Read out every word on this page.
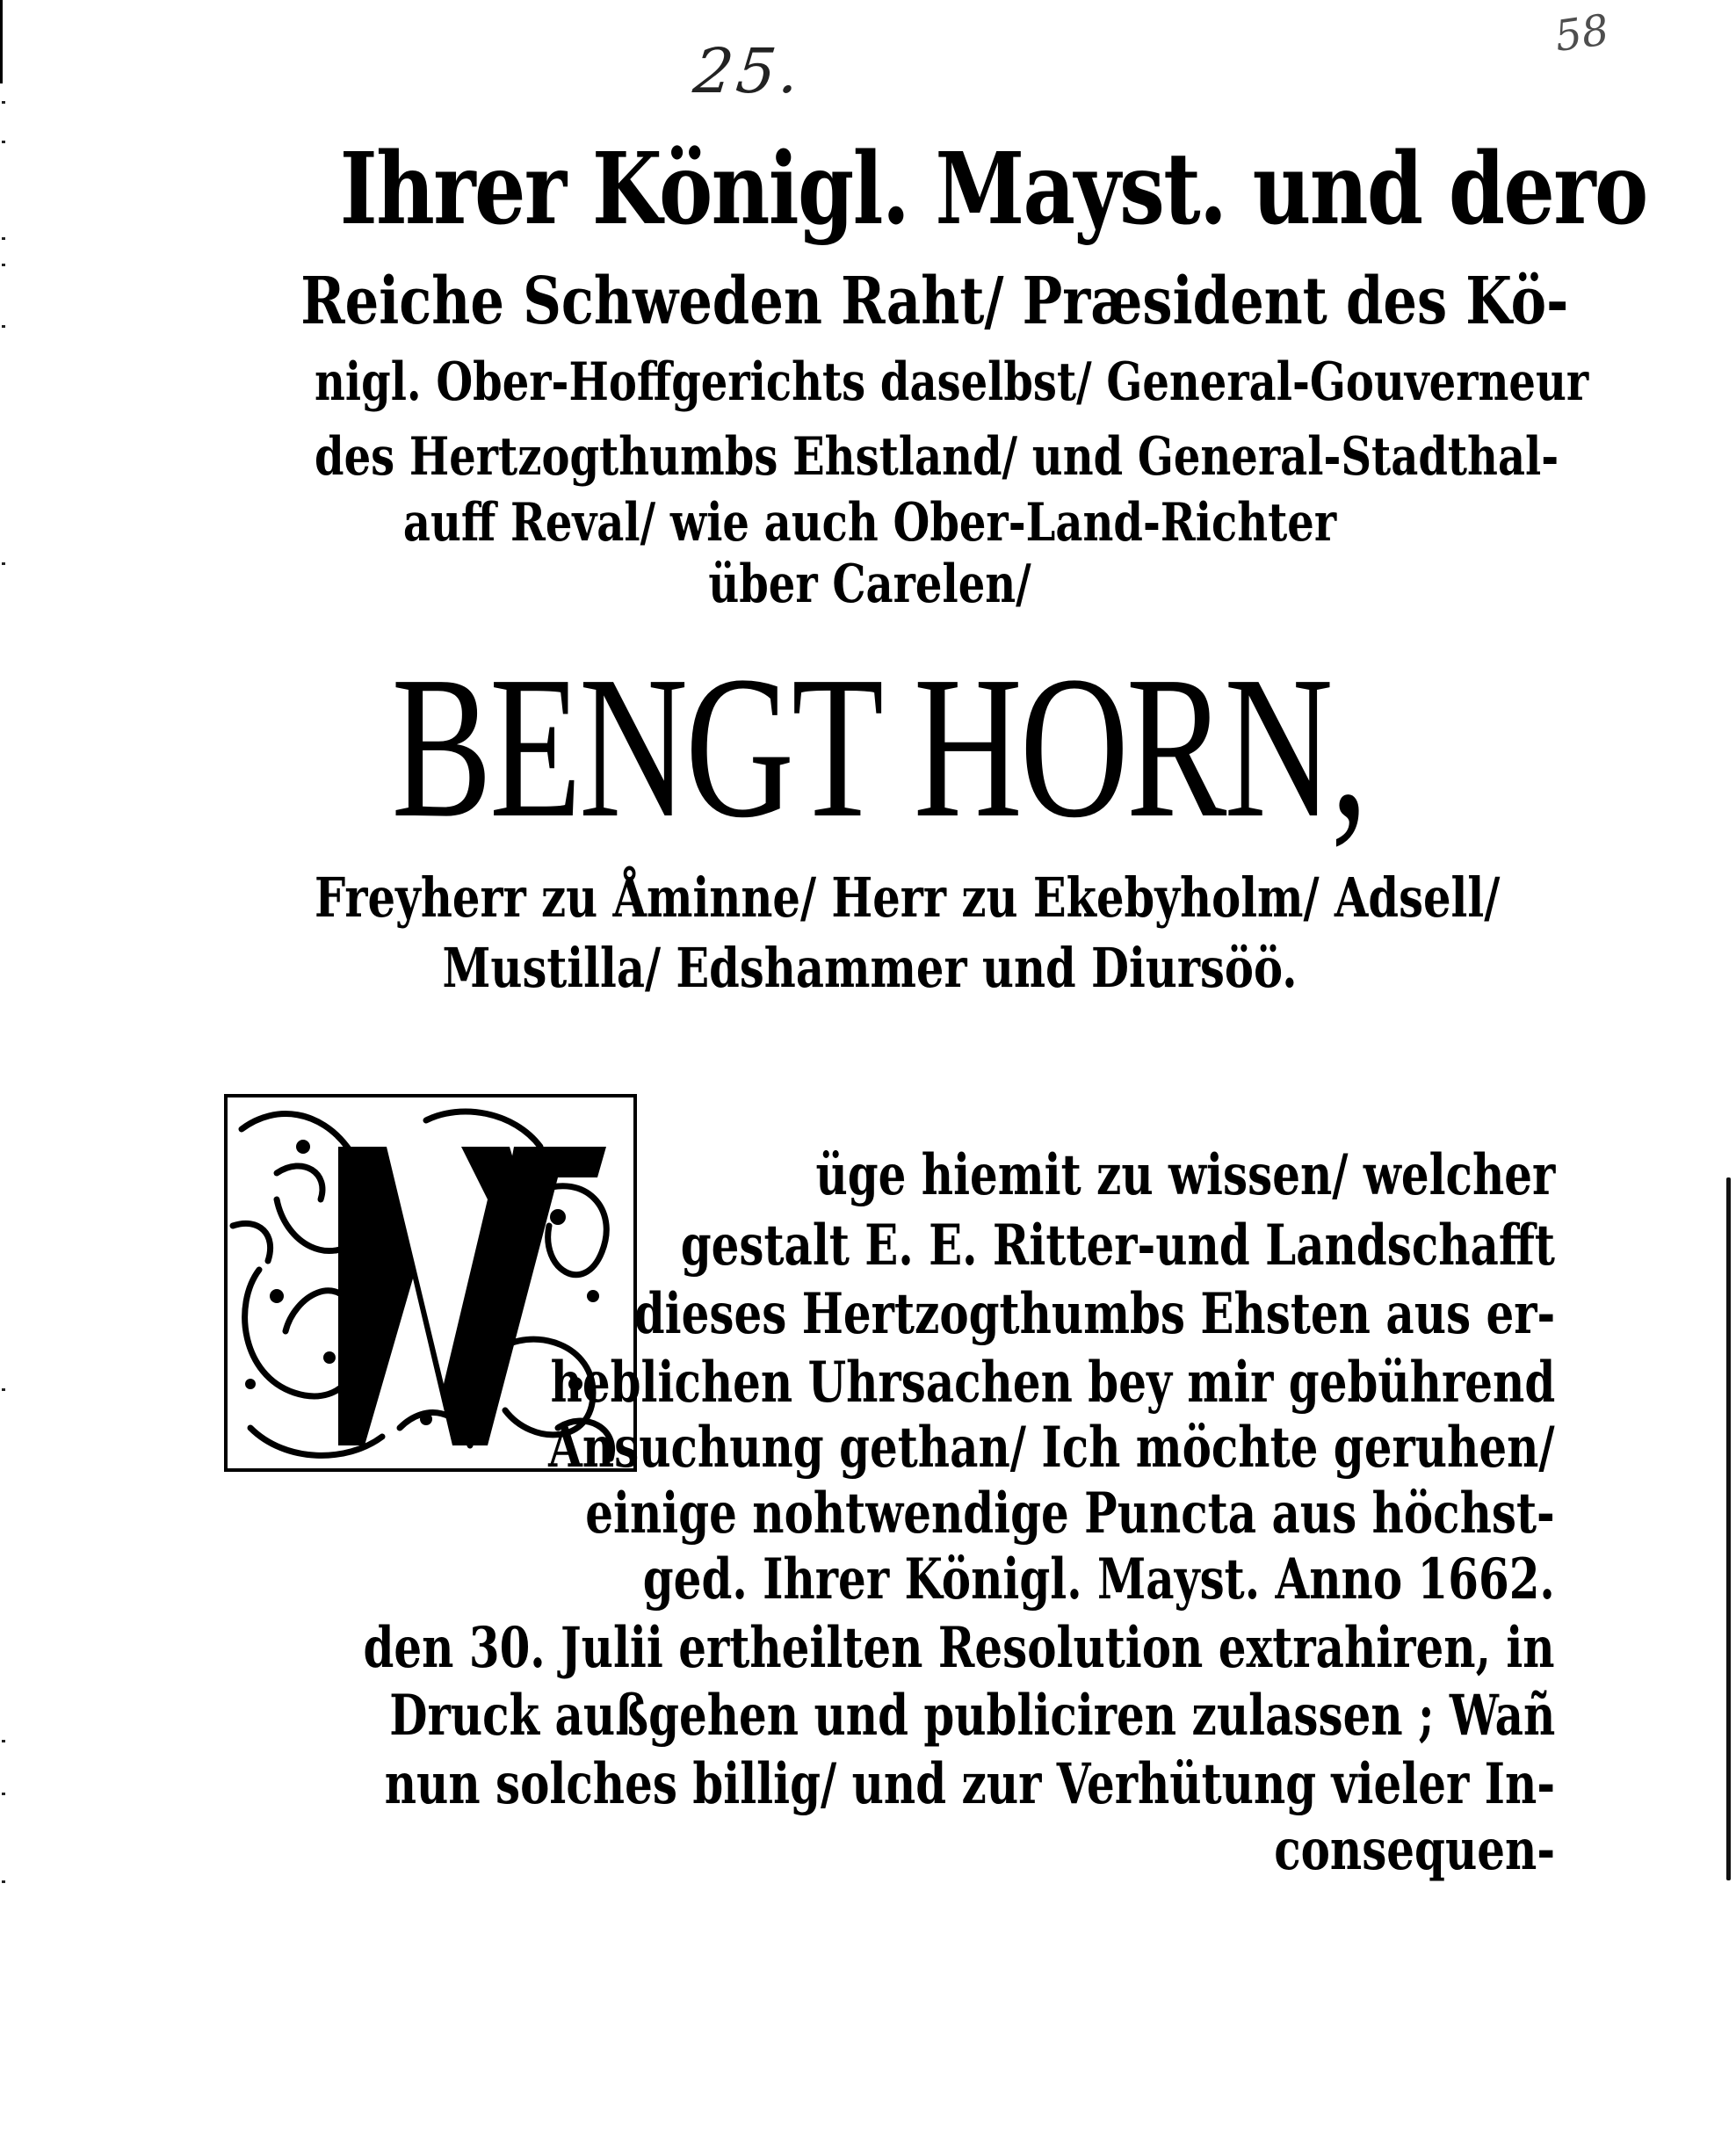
25.
58
Ihrer Königl. Mayst. und dero
Reiche Schweden Raht/ Præsident des Kö-
nigl. Ober-Hoffgerichts daselbst/ General-Gouverneur
des Hertzogthumbs Ehstland/ und General-Stadthal-
auff Reval/ wie auch Ober-Land-Richter
über Carelen/
BENGT HORN,
Freyherr zu Åminne/ Herr zu Ekebyholm/ Adsell/
Mustilla/ Edshammer und Diursöö.
üge hiemit zu wissen/ welcher
gestalt E. E. Ritter-und Landschafft
dieses Hertzogthumbs Ehsten aus er-
heblichen Uhrsachen bey mir gebührend
Ansuchung gethan/ Ich möchte geruhen/
einige nohtwendige Puncta aus höchst-
ged. Ihrer Königl. Mayst. Anno 1662.
den 30. Julii ertheilten Resolution extrahiren, in
Druck außgehen und publiciren zulassen ; Wañ
nun solches billig/ und zur Verhütung vieler In-
consequen-
